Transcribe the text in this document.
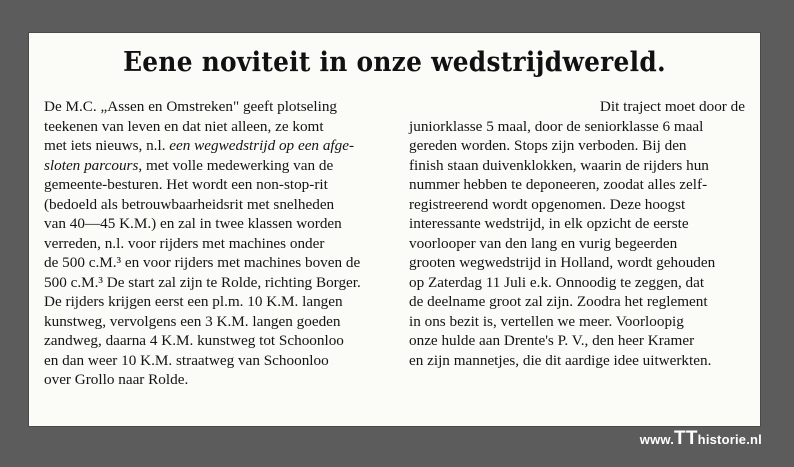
Eene noviteit in onze wedstrijdwereld.
De M.C. „Assen en Omstreken" geeft plotseling
teekenen van leven en dat niet alleen, ze komt
met iets nieuws, n.l. een wegwedstrijd op een afge-
sloten parcours, met volle medewerking van de
gemeente-besturen. Het wordt een non-stop-rit
(bedoeld als betrouwbaarheidsrit met snelheden
van 40—45 K.M.) en zal in twee klassen worden
verreden, n.l. voor rijders met machines onder
de 500 c.M.³ en voor rijders met machines boven de
500 c.M.³ De start zal zijn te Rolde, richting Borger.
De rijders krijgen eerst een pl.m. 10 K.M. langen
kunstweg, vervolgens een 3 K.M. langen goeden
zandweg, daarna 4 K.M. kunstweg tot Schoonloo
en dan weer 10 K.M. straatweg van Schoonloo
over Grollo naar Rolde.
Dit traject moet door de
juniorklasse 5 maal, door de seniorklasse 6 maal
gereden worden. Stops zijn verboden. Bij den
finish staan duivenklokken, waarin de rijders hun
nummer hebben te deponeeren, zoodat alles zelf-
registreerend wordt opgenomen. Deze hoogst
interessante wedstrijd, in elk opzicht de eerste
voorlooper van den lang en vurig begeerden
grooten wegwedstrijd in Holland, wordt gehouden
op Zaterdag 11 Juli e.k. Onnoodig te zeggen, dat
de deelname groot zal zijn. Zoodra het reglement
in ons bezit is, vertellen we meer. Voorloopig
onze hulde aan Drente's P. V., den heer Kramer
en zijn mannetjes, die dit aardige idee uitwerkten.
www.TThistorie.nl
